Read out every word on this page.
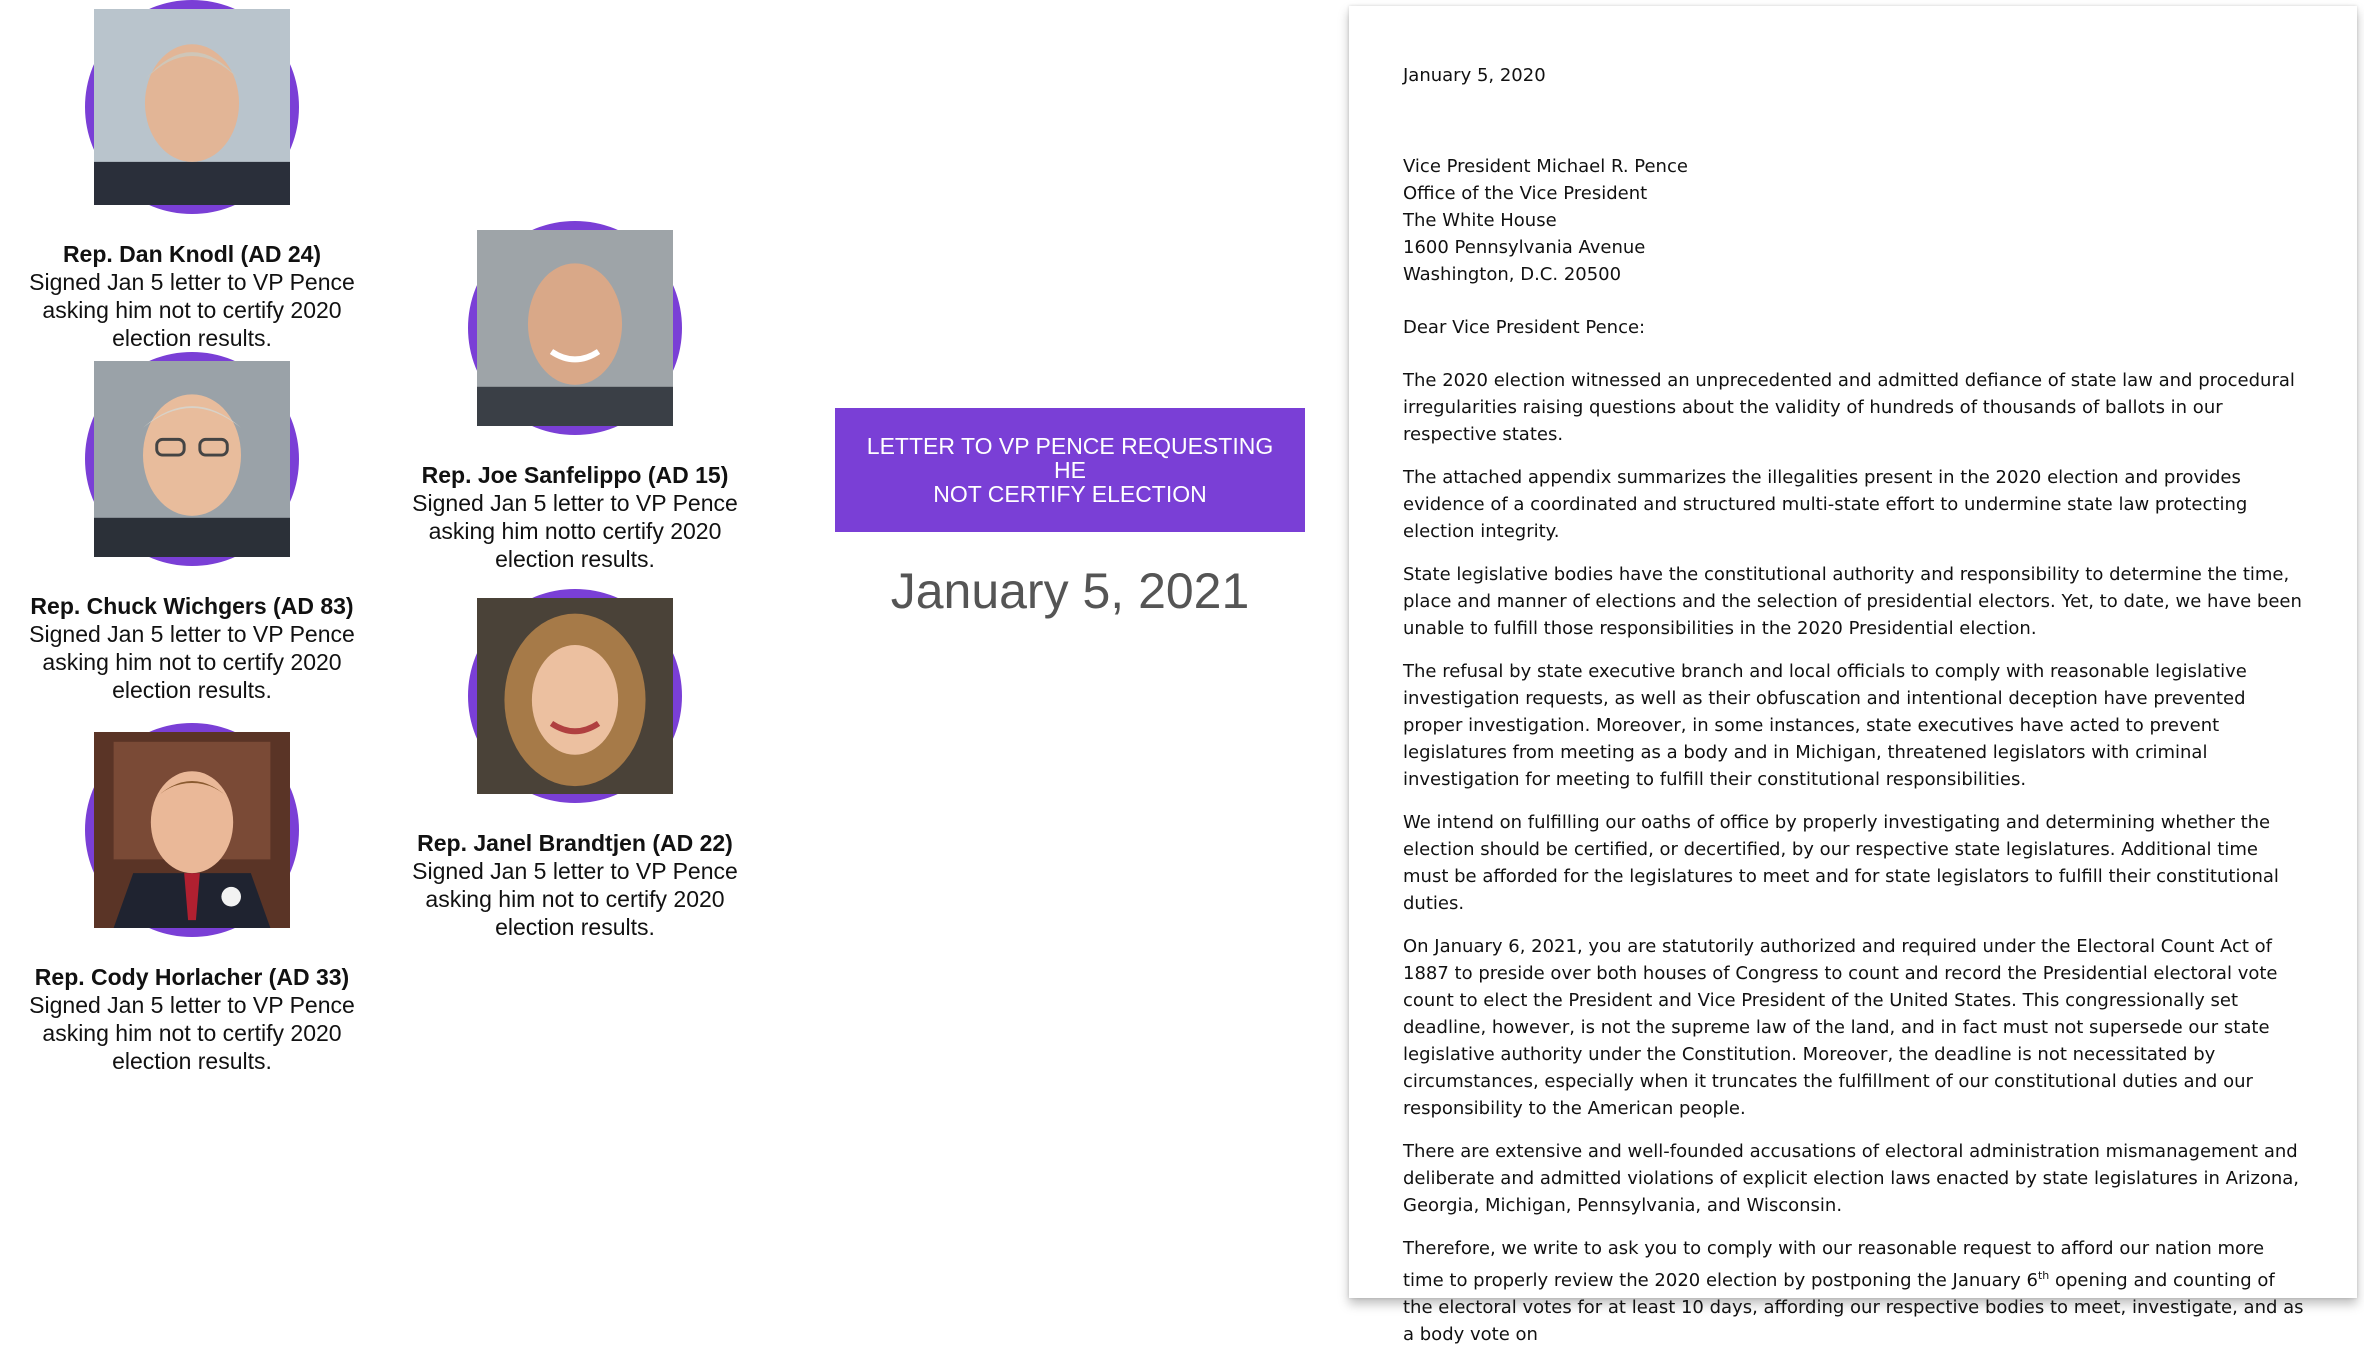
Rep. Dan Knodl (AD 24)
Signed Jan 5 letter to VP Pence
asking him not to certify 2020
election results.
Rep. Chuck Wichgers (AD 83)
Signed Jan 5 letter to VP Pence
asking him not to certify 2020
election results.
Rep. Cody Horlacher (AD 33)
Signed Jan 5 letter to VP Pence
asking him not to certify 2020
election results.
Rep. Joe Sanfelippo (AD 15)
Signed Jan 5 letter to VP Pence
asking him notto certify 2020
election results.
Rep. Janel Brandtjen (AD 22)
Signed Jan 5 letter to VP Pence
asking him not to certify 2020
election results.
LETTER TO VP PENCE REQUESTING HE
NOT CERTIFY ELECTION
January 5, 2021

January 5, 2020

Vice President Michael R. Pence

Office of the Vice President

The White House

1600 Pennsylvania Avenue

Washington, D.C. 20500

Dear Vice President Pence:

The 2020 election witnessed an unprecedented and admitted defiance of state law and procedural irregularities raising questions about the validity of hundreds of thousands of ballots in our respective states.

The attached appendix summarizes the illegalities present in the 2020 election and provides evidence of a coordinated and structured multi-state effort to undermine state law protecting election integrity.

State legislative bodies have the constitutional authority and responsibility to determine the time, place and manner of elections and the selection of presidential electors. Yet, to date, we have been unable to fulfill those responsibilities in the 2020 Presidential election.

The refusal by state executive branch and local officials to comply with reasonable legislative investigation requests, as well as their obfuscation and intentional deception have prevented proper investigation. Moreover, in some instances, state executives have acted to prevent legislatures from meeting as a body and in Michigan, threatened legislators with criminal investigation for meeting to fulfill their constitutional responsibilities.

We intend on fulfilling our oaths of office by properly investigating and determining whether the election should be certified, or decertified, by our respective state legislatures. Additional time must be afforded for the legislatures to meet and for state legislators to fulfill their constitutional duties.

On January 6, 2021, you are statutorily authorized and required under the Electoral Count Act of 1887 to preside over both houses of Congress to count and record the Presidential electoral vote count to elect the President and Vice President of the United States. This congressionally set deadline, however, is not the supreme law of the land, and in fact must not supersede our state legislative authority under the Constitution. Moreover, the deadline is not necessitated by circumstances, especially when it truncates the fulfillment of our constitutional duties and our responsibility to the American people.

There are extensive and well-founded accusations of electoral administration mismanagement and deliberate and admitted violations of explicit election laws enacted by state legislatures in Arizona, Georgia, Michigan, Pennsylvania, and Wisconsin.

Therefore, we write to ask you to comply with our reasonable request to afford our nation more time to properly review the 2020 election by postponing the January 6th opening and counting of the electoral votes for at least 10 days, affording our respective bodies to meet, investigate, and as a body vote on
